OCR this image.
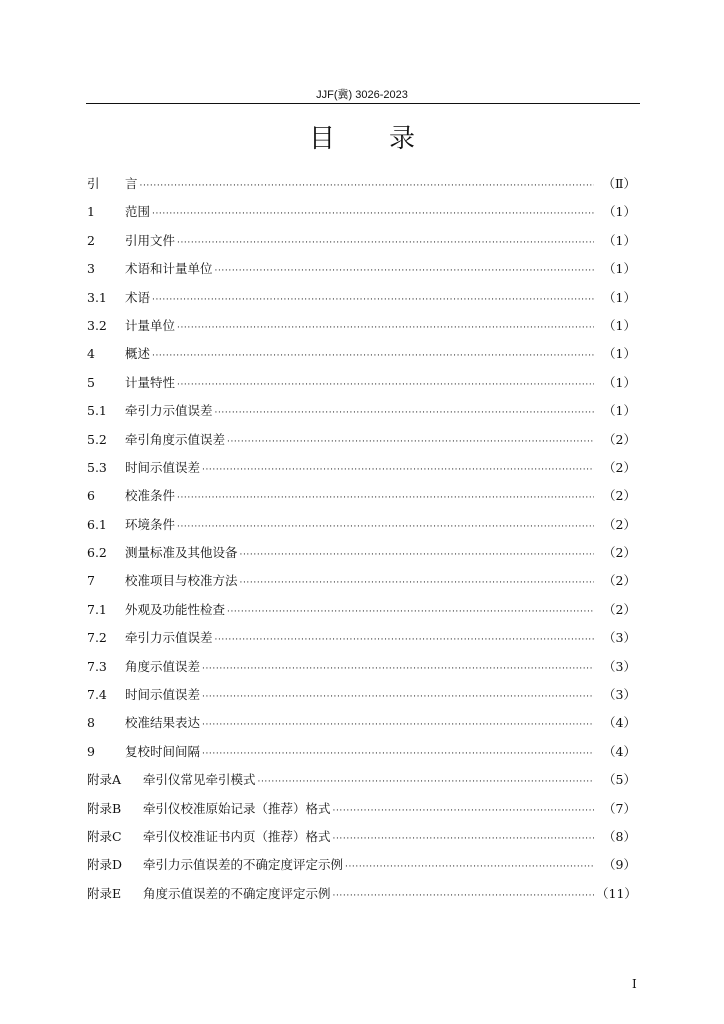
JJF(冀) 3026-2023
目 录
引　	言 ·····	（Ⅱ）
1	范围 ·····	（1）
2	引用文件 ·····	（1）
3	术语和计量单位 ·····	（1）
3.1	术语 ·····	（1）
3.2	计量单位 ·····	（1）
4	概述 ·····	（1）
5	计量特性 ·····	（1）
5.1	牵引力示值误差 ·····	（1）
5.2	牵引角度示值误差 ·····	（2）
5.3	时间示值误差 ·····	（2）
6	校准条件 ·····	（2）
6.1	环境条件 ·····	（2）
6.2	测量标准及其他设备 ·····	（2）
7	校准项目与校准方法 ·····	（2）
7.1	外观及功能性检查 ·····	（2）
7.2	牵引力示值误差 ·····	（3）
7.3	角度示值误差 ·····	（3）
7.4	时间示值误差 ·····	（3）
8	校准结果表达 ·····	（4）
9	复校时间间隔 ·····	（4）
附录A	牵引仪常见牵引模式 ·····	（5）
附录B	牵引仪校准原始记录（推荐）格式 ·····	（7）
附录C	牵引仪校准证书内页（推荐）格式 ·····	（8）
附录D	牵引力示值误差的不确定度评定示例 ·····	（9）
附录E	角度示值误差的不确定度评定示例 ·····	（11）
I
